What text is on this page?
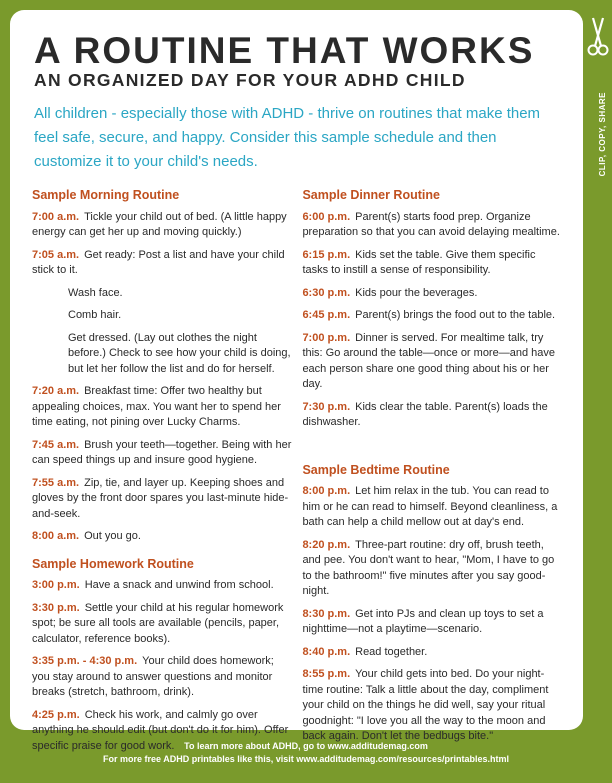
A ROUTINE THAT WORKS
AN ORGANIZED DAY FOR YOUR ADHD CHILD
All children - especially those with ADHD - thrive on routines that make them feel safe, secure, and happy. Consider this sample schedule and then customize it to your child's needs.
Sample Morning Routine
7:00 a.m. Tickle your child out of bed. (A little happy energy can get her up and moving quickly.)
7:05 a.m. Get ready: Post a list and have your child stick to it.
Wash face.
Comb hair.
Get dressed. (Lay out clothes the night before.) Check to see how your child is doing, but let her follow the list and do for herself.
7:20 a.m. Breakfast time: Offer two healthy but appealing choices, max. You want her to spend her time eating, not pining over Lucky Charms.
7:45 a.m. Brush your teeth—together. Being with her can speed things up and insure good hygiene.
7:55 a.m. Zip, tie, and layer up. Keeping shoes and gloves by the front door spares you last-minute hide-and-seek.
8:00 a.m. Out you go.
Sample Homework Routine
3:00 p.m. Have a snack and unwind from school.
3:30 p.m. Settle your child at his regular homework spot; be sure all tools are available (pencils, paper, calculator, reference books).
3:35 p.m. - 4:30 p.m. Your child does homework; you stay around to answer questions and monitor breaks (stretch, bathroom, drink).
4:25 p.m. Check his work, and calmly go over anything he should edit (but don't do it for him). Offer specific praise for good work.
Sample Dinner Routine
6:00 p.m. Parent(s) starts food prep. Organize preparation so that you can avoid delaying mealtime.
6:15 p.m. Kids set the table. Give them specific tasks to instill a sense of responsibility.
6:30 p.m. Kids pour the beverages.
6:45 p.m. Parent(s) brings the food out to the table.
7:00 p.m. Dinner is served. For mealtime talk, try this: Go around the table—once or more—and have each person share one good thing about his or her day.
7:30 p.m. Kids clear the table. Parent(s) loads the dishwasher.
Sample Bedtime Routine
8:00 p.m. Let him relax in the tub. You can read to him or he can read to himself. Beyond cleanliness, a bath can help a child mellow out at day's end.
8:20 p.m. Three-part routine: dry off, brush teeth, and pee. You don't want to hear, "Mom, I have to go to the bathroom!" five minutes after you say good-night.
8:30 p.m. Get into PJs and clean up toys to set a nighttime—not a playtime—scenario.
8:40 p.m. Read together.
8:55 p.m. Your child gets into bed. Do your night-time routine: Talk a little about the day, compliment your child on the things he did well, say your ritual goodnight: "I love you all the way to the moon and back again. Don't let the bedbugs bite."
CLIP, COPY, SHARE
To learn more about ADHD, go to www.additudemag.com
For more free ADHD printables like this, visit www.additudemag.com/resources/printables.html
